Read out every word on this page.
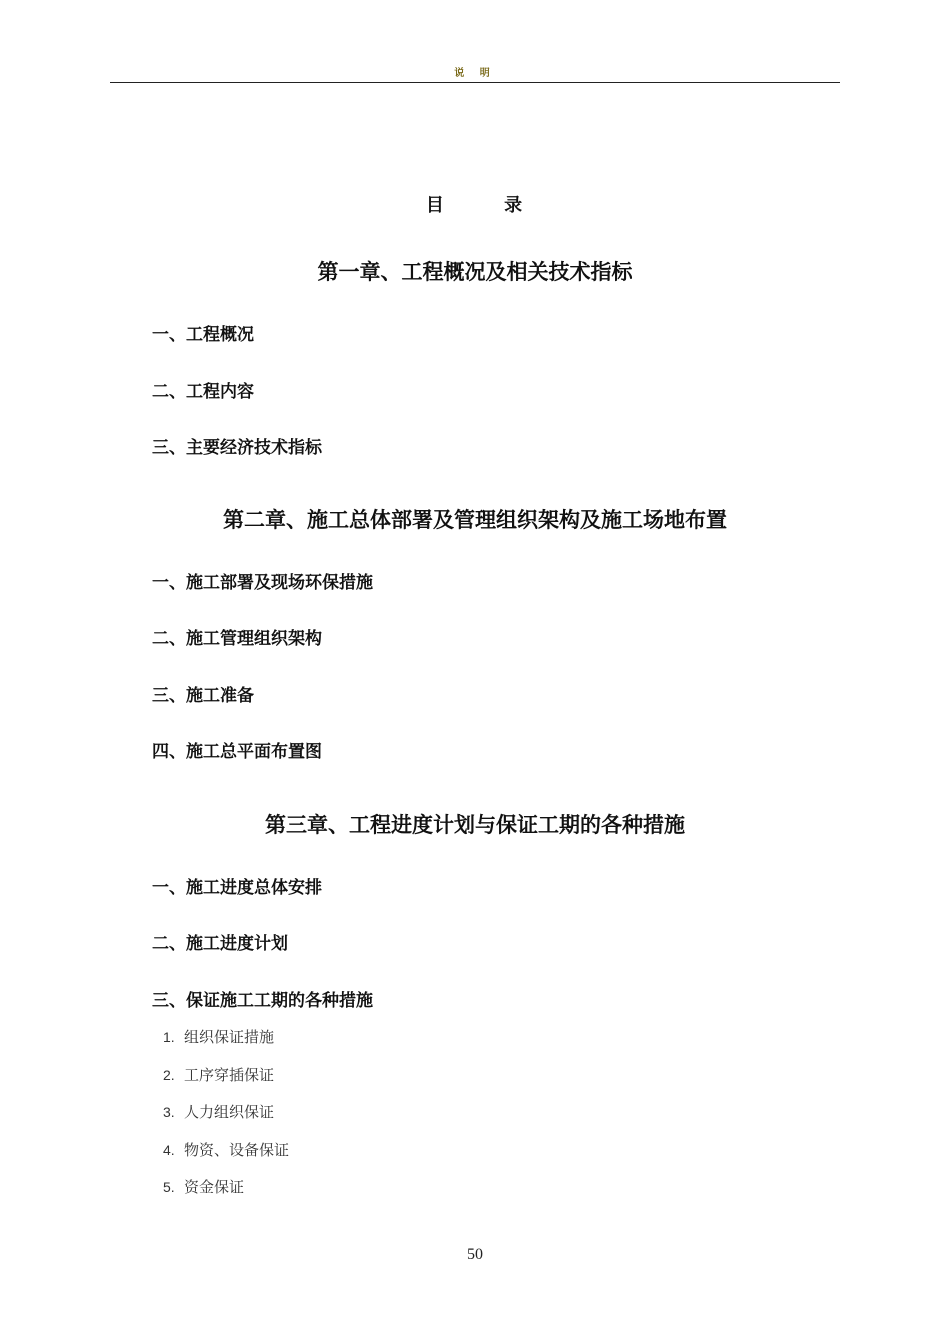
说 明
目 录
第一章、工程概况及相关技术指标
一、工程概况
二、工程内容
三、主要经济技术指标
第二章、施工总体部署及管理组织架构及施工场地布置
一、施工部署及现场环保措施
二、施工管理组织架构
三、施工准备
四、施工总平面布置图
第三章、工程进度计划与保证工期的各种措施
一、施工进度总体安排
二、施工进度计划
三、保证施工工期的各种措施
1. 组织保证措施
2. 工序穿插保证
3. 人力组织保证
4. 物资、设备保证
5. 资金保证
50
